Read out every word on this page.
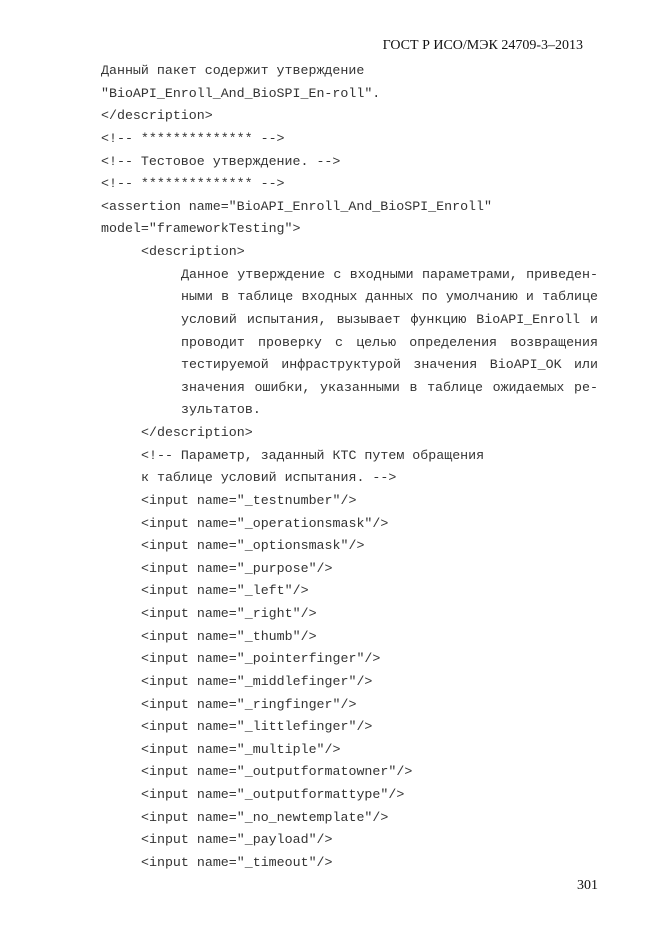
ГОСТ Р ИСО/МЭК 24709-3–2013
Данный пакет содержит утверждение
"BioAPI_Enroll_And_BioSPI_En-roll".
</description>
<!-- ************** -->
<!-- Тестовое утверждение. -->
<!-- ************** -->
<assertion name="BioAPI_Enroll_And_BioSPI_Enroll"
model="frameworkTesting">
<description>
Данное утверждение с входными параметрами, приведен-
ными в таблице входных данных по умолчанию и таблице
условий испытания, вызывает функцию BioAPI_Enroll и
проводит проверку с целью определения возвращения
тестируемой инфраструктурой значения BioAPI_OK или
значения ошибки, указанными в таблице ожидаемых ре-
зультатов.
</description>
<!-- Параметр, заданный КТС путем обращения
к таблице условий испытания. -->
<input name="_testnumber"/>
<input name="_operationsmask"/>
<input name="_optionsmask"/>
<input name="_purpose"/>
<input name="_left"/>
<input name="_right"/>
<input name="_thumb"/>
<input name="_pointerfinger"/>
<input name="_middlefinger"/>
<input name="_ringfinger"/>
<input name="_littlefinger"/>
<input name="_multiple"/>
<input name="_outputformatowner"/>
<input name="_outputformattype"/>
<input name="_no_newtemplate"/>
<input name="_payload"/>
<input name="_timeout"/>
301
